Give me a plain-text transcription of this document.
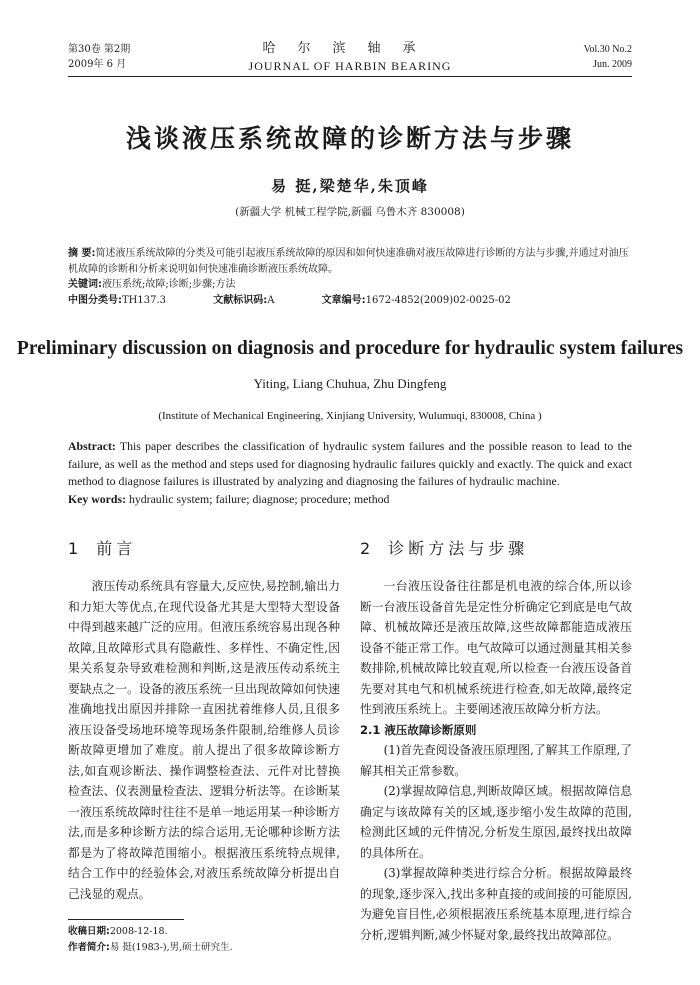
第30卷 第2期
2009年 6 月
哈尔滨轴承
JOURNAL OF HARBIN BEARING
Vol.30 No.2
Jun. 2009
浅谈液压系统故障的诊断方法与步骤
易 挺,梁楚华,朱顶峰
(新疆大学 机械工程学院,新疆 乌鲁木齐 830008)
摘 要:简述液压系统故障的分类及可能引起液压系统故障的原因和如何快速准确对液压故障进行诊断的方法与步骤,并通过对油压机故障的诊断和分析来说明如何快速准确诊断液压系统故障。
关键词:液压系统;故障;诊断;步骤;方法
中图分类号:TH137.3	文献标识码:A	文章编号:1672-4852(2009)02-0025-02
Preliminary discussion on diagnosis and procedure for hydraulic system failures
Yiting, Liang Chuhua, Zhu Dingfeng
(Institute of Mechanical Engineering, Xinjiang University, Wulumuqi, 830008, China )
Abstract: This paper describes the classification of hydraulic system failures and the possible reason to lead to the failure, as well as the method and steps used for diagnosing hydraulic failures quickly and exactly. The quick and exact method to diagnose failures is illustrated by analyzing and diagnosing the failures of hydraulic machine.
Key words: hydraulic system; failure; diagnose; procedure; method
1 前言

液压传动系统具有容量大,反应快,易控制,输出力和力矩大等优点,在现代设备尤其是大型特大型设备中得到越来越广泛的应用。但液压系统容易出现各种故障,且故障形式具有隐蔽性、多样性、不确定性,因果关系复杂导致难检测和判断,这是液压传动系统主要缺点之一。设备的液压系统一旦出现故障如何快速准确地找出原因并排除一直困扰着维修人员,且很多液压设备受场地环境等现场条件限制,给维修人员诊断故障更增加了难度。前人提出了很多故障诊断方法,如直观诊断法、操作调整检查法、元件对比替换检查法、仪表测量检查法、逻辑分析法等。在诊断某一液压系统故障时往往不是单一地运用某一种诊断方法,而是多种诊断方法的综合运用,无论哪种诊断方法都是为了将故障范围缩小。根据液压系统特点规律,结合工作中的经验体会,对液压系统故障分析提出自己浅显的观点。

2 诊断方法与步骤

一台液压设备往往都是机电液的综合体,所以诊断一台液压设备首先是定性分析确定它到底是电气故障、机械故障还是液压故障,这些故障都能造成液压设备不能正常工作。电气故障可以通过测量其相关参数排除,机械故障比较直观,所以检查一台液压设备首先要对其电气和机械系统进行检查,如无故障,最终定性到液压系统上。主要阐述液压故障分析方法。

2.1 液压故障诊断原则

(1)首先查阅设备液压原理图,了解其工作原理,了解其相关正常参数。

(2)掌握故障信息,判断故障区域。根据故障信息确定与该故障有关的区域,逐步缩小发生故障的范围,检测此区域的元件情况,分析发生原因,最终找出故障的具体所在。

(3)掌握故障种类进行综合分析。根据故障最终的现象,逐步深入,找出多种直接的或间接的可能原因,为避免盲目性,必须根据液压系统基本原理,进行综合分析,逻辑判断,减少怀疑对象,最终找出故障部位。

收稿日期:2008-12-18.
作者简介:易 挺(1983-),男,硕士研究生.
